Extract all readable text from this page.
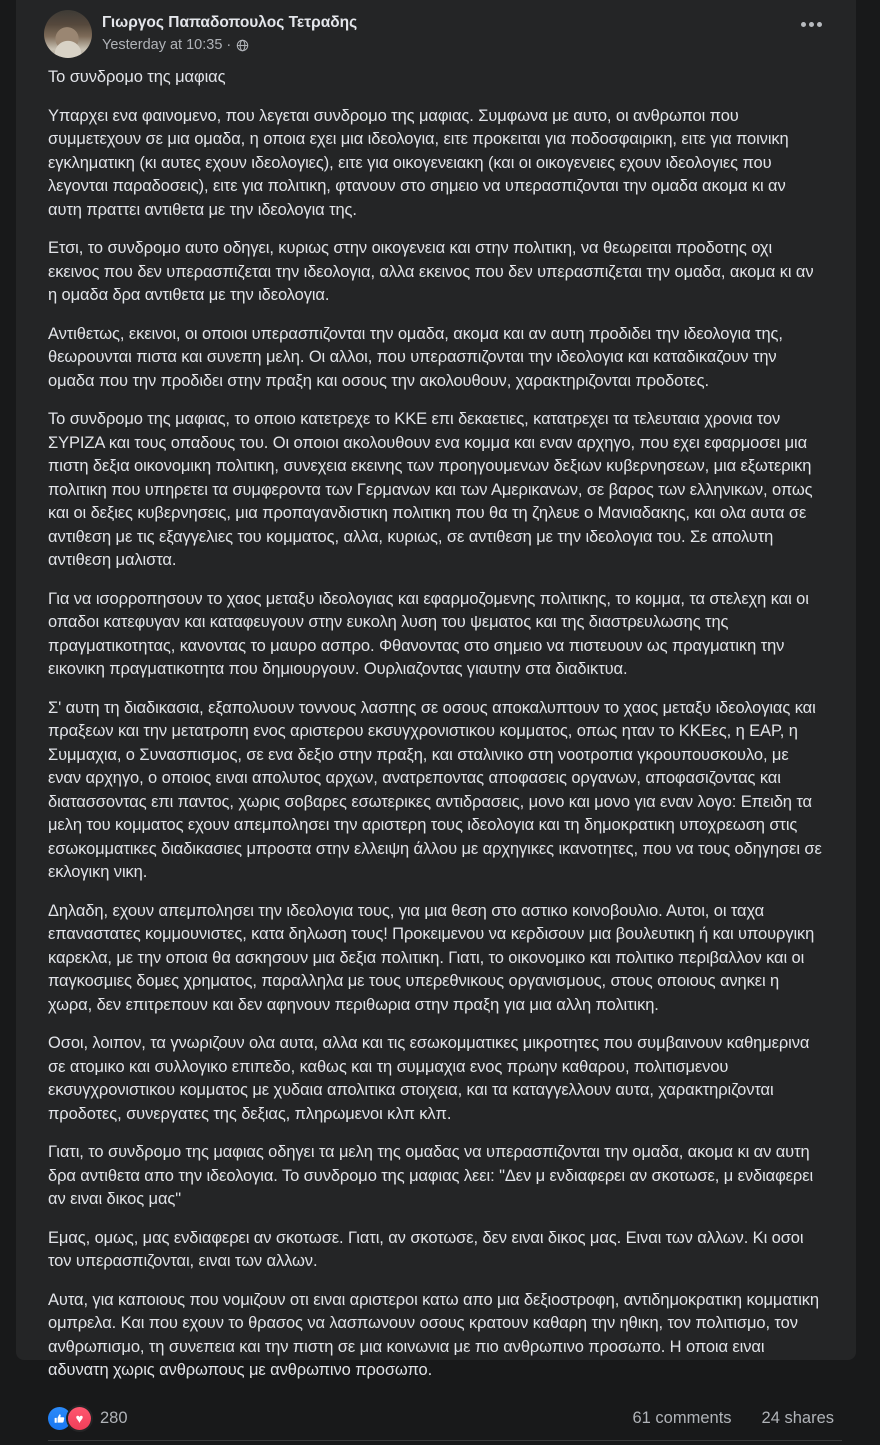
Γιωργος Παπαδοπουλος Τετραδης
Yesterday at 10:35 ·

Το συνδρομο της μαφιας

Υπαρχει ενα φαινομενο, που λεγεται συνδρομο της μαφιας. Συμφωνα με αυτο, οι ανθρωποι που συμμετεχουν σε μια ομαδα, η οποια εχει μια ιδεολογια, ειτε προκειται για ποδοσφαιρικη, ειτε για ποινικη εγκληματικη (κι αυτες εχουν ιδεολογιες), ειτε για οικογενειακη (και οι οικογενειες εχουν ιδεολογιες που λεγονται παραδοσεις), ειτε για πολιτικη, φτανουν στο σημειο να υπερασπιζονται την ομαδα ακομα κι αν αυτη πραττει αντιθετα με την ιδεολογια της.

Ετσι, το συνδρομο αυτο οδηγει, κυριως στην οικογενεια και στην πολιτικη, να θεωρειται προδοτης οχι εκεινος που δεν υπερασπιζεται την ιδεολογια, αλλα εκεινος που δεν υπερασπιζεται την ομαδα, ακομα κι αν η ομαδα δρα αντιθετα με την ιδεολογια.

Αντιθετως, εκεινοι, οι οποιοι υπερασπιζονται την ομαδα, ακομα και αν αυτη προδιδει την ιδεολογια της, θεωρουνται πιστα και συνεπη μελη. Οι αλλοι, που υπερασπιζονται την ιδεολογια και καταδικαζουν την ομαδα που την προδιδει στην πραξη και οσους την ακολουθουν, χαρακτηριζονται προδοτες.

Το συνδρομο της μαφιας, το οποιο κατετρεχε το ΚΚΕ επι δεκαετιες, κατατρεχει τα τελευταια χρονια τον ΣΥΡΙΖΑ και τους οπαδους του. Οι οποιοι ακολουθουν ενα κομμα και εναν αρχηγο, που εχει εφαρμοσει μια πιστη δεξια οικονομικη πολιτικη, συνεχεια εκεινης των προηγουμενων δεξιων κυβερνησεων, μια εξωτερικη πολιτικη που υπηρετει τα συμφεροντα των Γερμανων και των Αμερικανων, σε βαρος των ελληνικων, οπως και οι δεξιες κυβερνησεις, μια προπαγανδιστικη πολιτικη που θα τη ζηλευε ο Μανιαδακης, και ολα αυτα σε αντιθεση με τις εξαγγελιες του κομματος, αλλα, κυριως, σε αντιθεση με την ιδεολογια του. Σε απολυτη αντιθεση μαλιστα.

Για να ισορροπησουν το χαος μεταξυ ιδεολογιας και εφαρμοζομενης πολιτικης, το κομμα, τα στελεχη και οι οπαδοι κατεφυγαν και καταφευγουν στην ευκολη λυση του ψεματος και της διαστρευλωσης της πραγματικοτητας, κανοντας το μαυρο ασπρο. Φθανοντας στο σημειο να πιστευουν ως πραγματικη την εικονικη πραγματικοτητα που δημιουργουν. Ουρλιαζοντας γιαυτην στα διαδικτυα.

Σ' αυτη τη διαδικασια, εξαπολυουν τοννους λασπης σε οσους αποκαλυπτουν το χαος μεταξυ ιδεολογιας και πραξεων και την μετατροπη ενος αριστερου εκσυγχρονιστικου κομματος, οπως ηταν το ΚΚΕες, η ΕΑΡ, η Συμμαχια, ο Συνασπισμος, σε ενα δεξιο στην πραξη, και σταλινικο στη νοοτροπια γκρουπουσκουλο, με εναν αρχηγο, ο οποιος ειναι απολυτος αρχων, ανατρεποντας αποφασεις οργανων, αποφασιζοντας και διατασσοντας επι παντος, χωρις σοβαρες εσωτερικες αντιδρασεις, μονο και μονο για εναν λογο: Επειδη τα μελη του κομματος εχουν απεμπολησει την αριστερη τους ιδεολογια και τη δημοκρατικη υποχρεωση στις εσωκομματικες διαδικασιες μπροστα στην ελλειψη άλλου με αρχηγικες ικανοτητες, που να τους οδηγησει σε εκλογικη νικη.

Δηλαδη, εχουν απεμπολησει την ιδεολογια τους, για μια θεση στο αστικο κοινοβουλιο. Αυτοι, οι ταχα επαναστατες κομμουνιστες, κατα δηλωση τους! Προκειμενου να κερδισουν μια βουλευτικη ή και υπουργικη καρεκλα, με την οποια θα ασκησουν μια δεξια πολιτικη. Γιατι, το οικονομικο και πολιτικο περιβαλλον και οι παγκοσμιες δομες χρηματος, παραλληλα με τους υπερεθνικους οργανισμους, στους οποιους ανηκει η χωρα, δεν επιτρεπουν και δεν αφηνουν περιθωρια στην πραξη για μια αλλη πολιτικη.

Οσοι, λοιπον, τα γνωριζουν ολα αυτα, αλλα και τις εσωκομματικες μικροτητες που συμβαινουν καθημερινα σε ατομικο και συλλογικο επιπεδο, καθως και τη συμμαχια ενος πρωην καθαρου, πολιτισμενου εκσυγχρονιστικου κομματος με χυδαια απολιτικα στοιχεια, και τα καταγγελλουν αυτα, χαρακτηριζονται προδοτες, συνεργατες της δεξιας, πληρωμενοι κλπ κλπ.

Γιατι, το συνδρομο της μαφιας οδηγει τα μελη της ομαδας να υπερασπιζονται την ομαδα, ακομα κι αν αυτη δρα αντιθετα απο την ιδεολογια. Το συνδρομο της μαφιας λεει: "Δεν μ ενδιαφερει αν σκοτωσε, μ ενδιαφερει αν ειναι δικος μας"

Εμας, ομως, μας ενδιαφερει αν σκοτωσε. Γιατι, αν σκοτωσε, δεν ειναι δικος μας. Ειναι των αλλων. Κι οσοι τον υπερασπιζονται, ειναι των αλλων.

Αυτα, για καποιους που νομιζουν οτι ειναι αριστεροι κατω απο μια δεξιοστροφη, αντιδημοκρατικη κομματικη ομπρελα. Και που εχουν το θρασος να λασπωνουν οσους κρατουν καθαρη την ηθικη, τον πολιτισμο, τον ανθρωπισμο, τη συνεπεια και την πιστη σε μια κοινωνια με πιο ανθρωπινο προσωπο. Η οποια ειναι αδυνατη χωρις ανθρωπους με ανθρωπινο προσωπο.

♥	280	61 comments 24 shares
